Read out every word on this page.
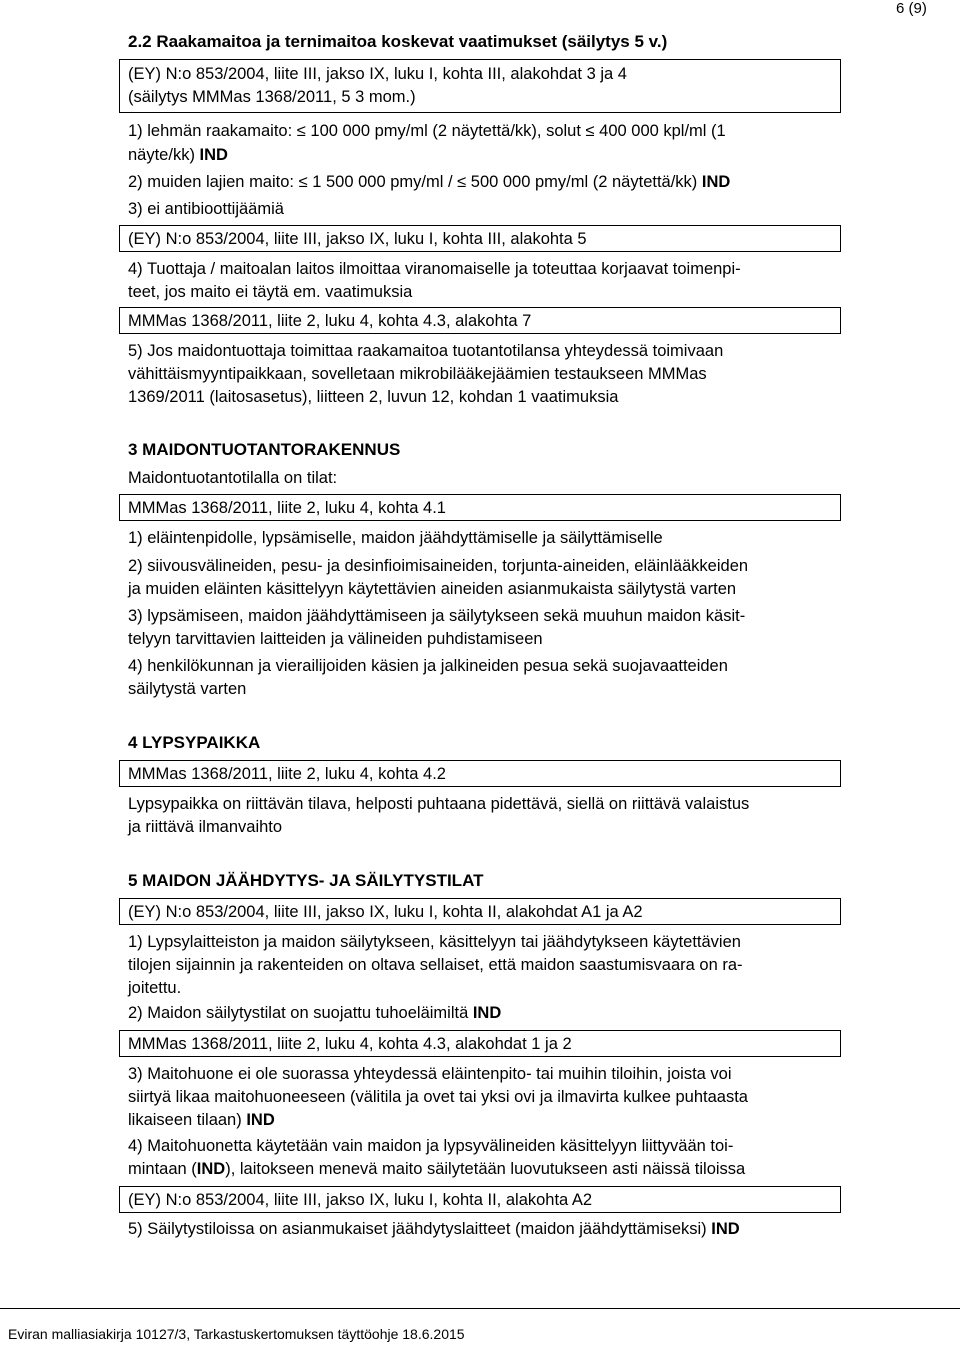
6 (9)
2.2 Raakamaitoa ja ternimaitoa koskevat vaatimukset (säilytys 5 v.)
(EY) N:o 853/2004, liite III, jakso IX, luku I, kohta III, alakohdat 3 ja 4
(säilytys MMMas 1368/2011, 5 3 mom.)
1) lehmän raakamaito: ≤ 100 000 pmy/ml (2 näytettä/kk), solut ≤ 400 000 kpl/ml (1
näyte/kk) IND
2) muiden lajien maito: ≤ 1 500 000 pmy/ml / ≤ 500 000 pmy/ml (2 näytettä/kk) IND
3) ei antibioottijäämiä
(EY) N:o 853/2004, liite III, jakso IX, luku I, kohta III, alakohta 5
4) Tuottaja / maitoalan laitos ilmoittaa viranomaiselle ja toteuttaa korjaavat toimenpi-
teet, jos maito ei täytä em. vaatimuksia
MMMas 1368/2011, liite 2, luku 4, kohta 4.3, alakohta 7
5) Jos maidontuottaja toimittaa raakamaitoa tuotantotilansa yhteydessä toimivaan
vähittäismyyntipaikkaan, sovelletaan mikrobilääkejäämien testaukseen MMMas
1369/2011 (laitosasetus), liitteen 2, luvun 12, kohdan 1 vaatimuksia
3 MAIDONTUOTANTORAKENNUS
Maidontuotantotilalla on tilat:
MMMas 1368/2011, liite 2, luku 4, kohta 4.1
1) eläintenpidolle, lypsämiselle, maidon jäähdyttämiselle ja säilyttämiselle
2) siivousvälineiden, pesu- ja desinfioimisaineiden, torjunta-aineiden, eläinlääkkeiden
ja muiden eläinten käsittelyyn käytettävien aineiden asianmukaista säilytystä varten
3) lypsämiseen, maidon jäähdyttämiseen ja säilytykseen sekä muuhun maidon käsit-
telyyn tarvittavien laitteiden ja välineiden puhdistamiseen
4) henkilökunnan ja vierailijoiden käsien ja jalkineiden pesua sekä suojavaatteiden
säilytystä varten
4 LYPSYPAIKKA
MMMas 1368/2011, liite 2, luku 4, kohta 4.2
Lypsypaikka on riittävän tilava, helposti puhtaana pidettävä, siellä on riittävä valaistus
ja riittävä ilmanvaihto
5 MAIDON JÄÄHDYTYS- JA SÄILYTYSTILAT
(EY) N:o 853/2004, liite III, jakso IX, luku I, kohta II, alakohdat A1 ja A2
1) Lypsylaitteiston ja maidon säilytykseen, käsittelyyn tai jäähdytykseen käytettävien
tilojen sijainnin ja rakenteiden on oltava sellaiset, että maidon saastumisvaara on ra-
joitettu.
2) Maidon säilytystilat on suojattu tuhoeläimiltä IND
MMMas 1368/2011, liite 2, luku 4, kohta 4.3, alakohdat 1 ja 2
3) Maitohuone ei ole suorassa yhteydessä eläintenpito- tai muihin tiloihin, joista voi
siirtyä likaa maitohuoneeseen (välitila ja ovet tai yksi ovi ja ilmavirta kulkee puhtaasta
likaiseen tilaan) IND
4) Maitohuonetta käytetään vain maidon ja lypsyvälineiden käsittelyyn liittyvään toi-
mintaan (IND), laitokseen menevä maito säilytetään luovutukseen asti näissä tiloissa
(EY) N:o 853/2004, liite III, jakso IX, luku I, kohta II, alakohta A2
5) Säilytystiloissa on asianmukaiset jäähdytyslaitteet (maidon jäähdyttämiseksi) IND
Eviran malliasiakirja 10127/3, Tarkastuskertomuksen täyttöohje 18.6.2015
